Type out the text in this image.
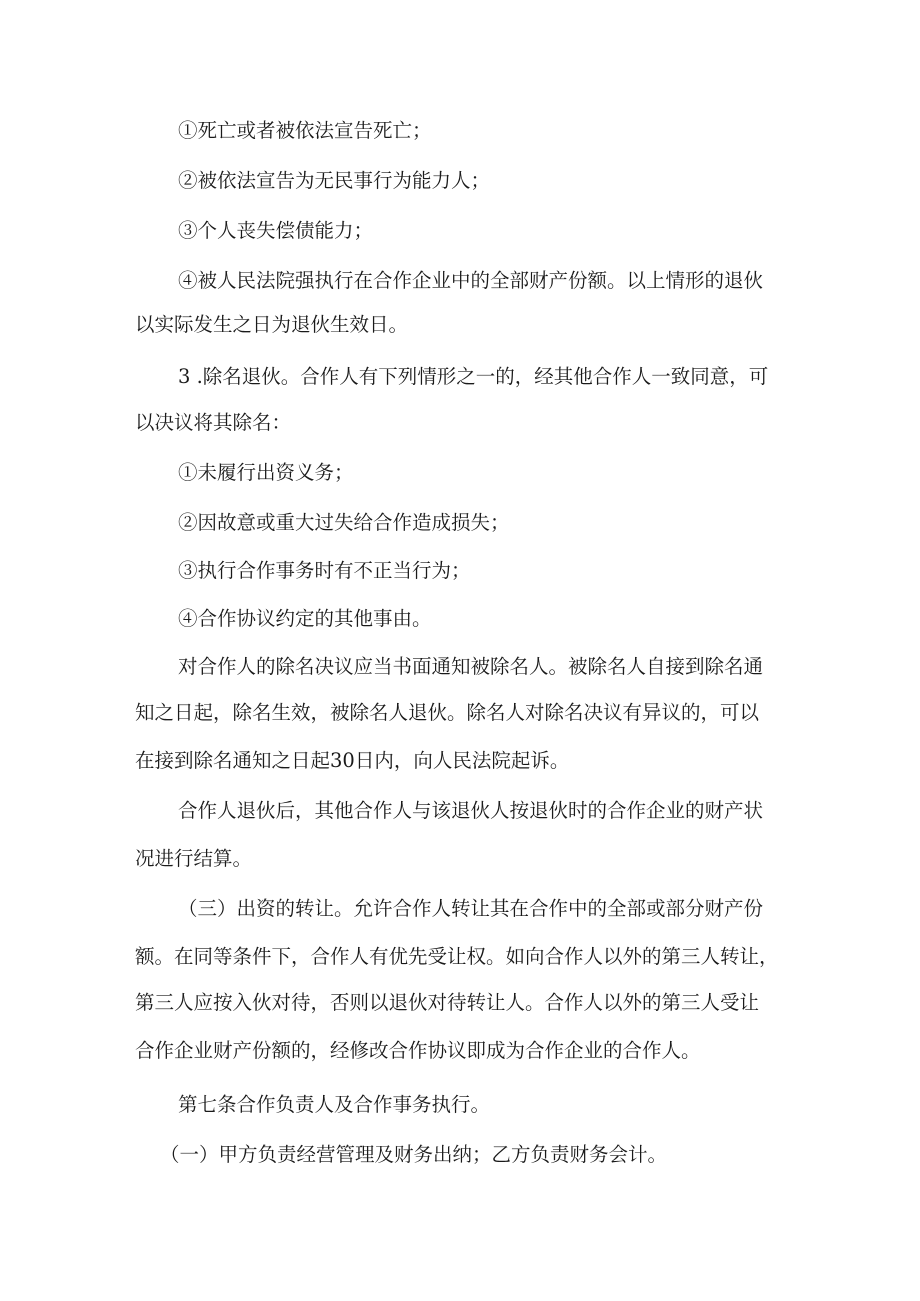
①死亡或者被依法宣告死亡；
②被依法宣告为无民事行为能力人；
③个人丧失偿债能力；
④被人民法院强执行在合作企业中的全部财产份额。以上情形的退伙
以实际发生之日为退伙生效日。
3 .除名退伙。合作人有下列情形之一的，经其他合作人一致同意，可
以决议将其除名：
①未履行出资义务；
②因故意或重大过失给合作造成损失；
③执行合作事务时有不正当行为；
④合作协议约定的其他事由。
对合作人的除名决议应当书面通知被除名人。被除名人自接到除名通
知之日起，除名生效，被除名人退伙。除名人对除名决议有异议的，可以
在接到除名通知之日起30日内，向人民法院起诉。
合作人退伙后，其他合作人与该退伙人按退伙时的合作企业的财产状
况进行结算。
（三）出资的转让。允许合作人转让其在合作中的全部或部分财产份
额。在同等条件下，合作人有优先受让权。如向合作人以外的第三人转让，
第三人应按入伙对待，否则以退伙对待转让人。合作人以外的第三人受让
合作企业财产份额的，经修改合作协议即成为合作企业的合作人。
第七条合作负责人及合作事务执行。
（一）甲方负责经营管理及财务出纳；乙方负责财务会计。
